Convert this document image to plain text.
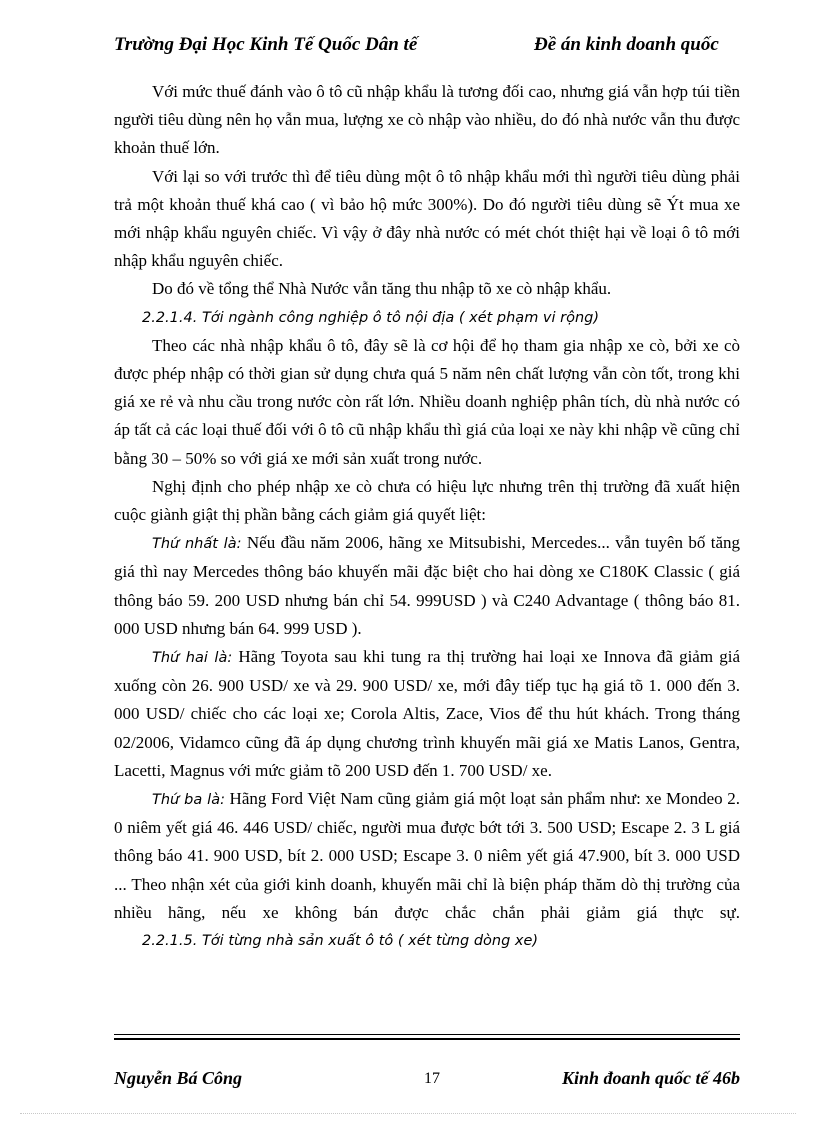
Trường Đại Học Kinh Tế Quốc Dân tế	Đề án kinh doanh quốc

Với mức thuế đánh vào ô tô cũ nhập khẩu là tương đối cao, nhưng giá vẫn hợp túi tiền người tiêu dùng nên họ vẫn mua, lượng xe cò nhập vào nhiều, do đó nhà nước vẫn thu được khoản thuế lớn.

Với lại so với trước thì để tiêu dùng một ô tô nhập khẩu mới thì người tiêu dùng phải trả một khoản thuế khá cao ( vì bảo hộ mức 300%). Do đó người tiêu dùng sẽ Ýt mua xe mới nhập khẩu nguyên chiếc. Vì vậy ở đây nhà nước có mét chót thiệt hại về loại ô tô mới nhập khẩu nguyên chiếc.

Do đó về tổng thể Nhà Nước vẫn tăng thu nhập tõ xe cò nhập khẩu.

2.2.1.4. Tới ngành công nghiệp ô tô nội địa ( xét phạm vi rộng)

Theo các nhà nhập khẩu ô tô, đây sẽ là cơ hội để họ tham gia nhập xe cò, bởi xe cò được phép nhập có thời gian sử dụng chưa quá 5 năm nên chất lượng vẫn còn tốt, trong khi giá xe rẻ và nhu cầu trong nước còn rất lớn. Nhiều doanh nghiệp phân tích, dù nhà nước có áp tất cả các loại thuế đối với ô tô cũ nhập khẩu thì giá của loại xe này khi nhập về cũng chỉ bằng 30 – 50% so với giá xe mới sản xuất trong nước.

Nghị định cho phép nhập xe cò chưa có hiệu lực nhưng trên thị trường đã xuất hiện cuộc giành giật thị phần bằng cách giảm giá quyết liệt:

Thứ nhất là: Nếu đầu năm 2006, hãng xe Mitsubishi, Mercedes... vẫn tuyên bố tăng giá thì nay Mercedes thông báo khuyến mãi đặc biệt cho hai dòng xe C180K Classic ( giá thông báo 59. 200 USD nhưng bán chỉ 54. 999USD ) và C240 Advantage ( thông báo 81. 000 USD nhưng bán 64. 999 USD ).

Thứ hai là: Hãng Toyota sau khi tung ra thị trường hai loại xe Innova đã giảm giá xuống còn 26. 900 USD/ xe và 29. 900 USD/ xe, mới đây tiếp tục hạ giá tõ 1. 000 đến 3. 000 USD/ chiếc cho các loại xe; Corola Altis, Zace, Vios để thu hút khách. Trong tháng 02/2006, Vidamco cũng đã áp dụng chương trình khuyến mãi giá xe Matis Lanos, Gentra, Lacetti, Magnus với mức giảm tõ 200 USD đến 1. 700 USD/ xe.

Thứ ba là: Hãng Ford Việt Nam cũng giảm giá một loạt sản phẩm như: xe Mondeo 2. 0 niêm yết giá 46. 446 USD/ chiếc, người mua được bớt tới 3. 500 USD; Escape 2. 3 L giá thông báo 41. 900 USD, bít 2. 000 USD; Escape 3. 0 niêm yết giá 47.900, bít 3. 000 USD ... Theo nhận xét của giới kinh doanh, khuyến mãi chỉ là biện pháp thăm dò thị trường của nhiều hãng, nếu xe không bán được chắc chắn phải giảm giá thực sự.

2.2.1.5. Tới từng nhà sản xuất ô tô ( xét từng dòng xe)

Nguyễn Bá Công	17	Kinh đoanh quốc tế 46b
